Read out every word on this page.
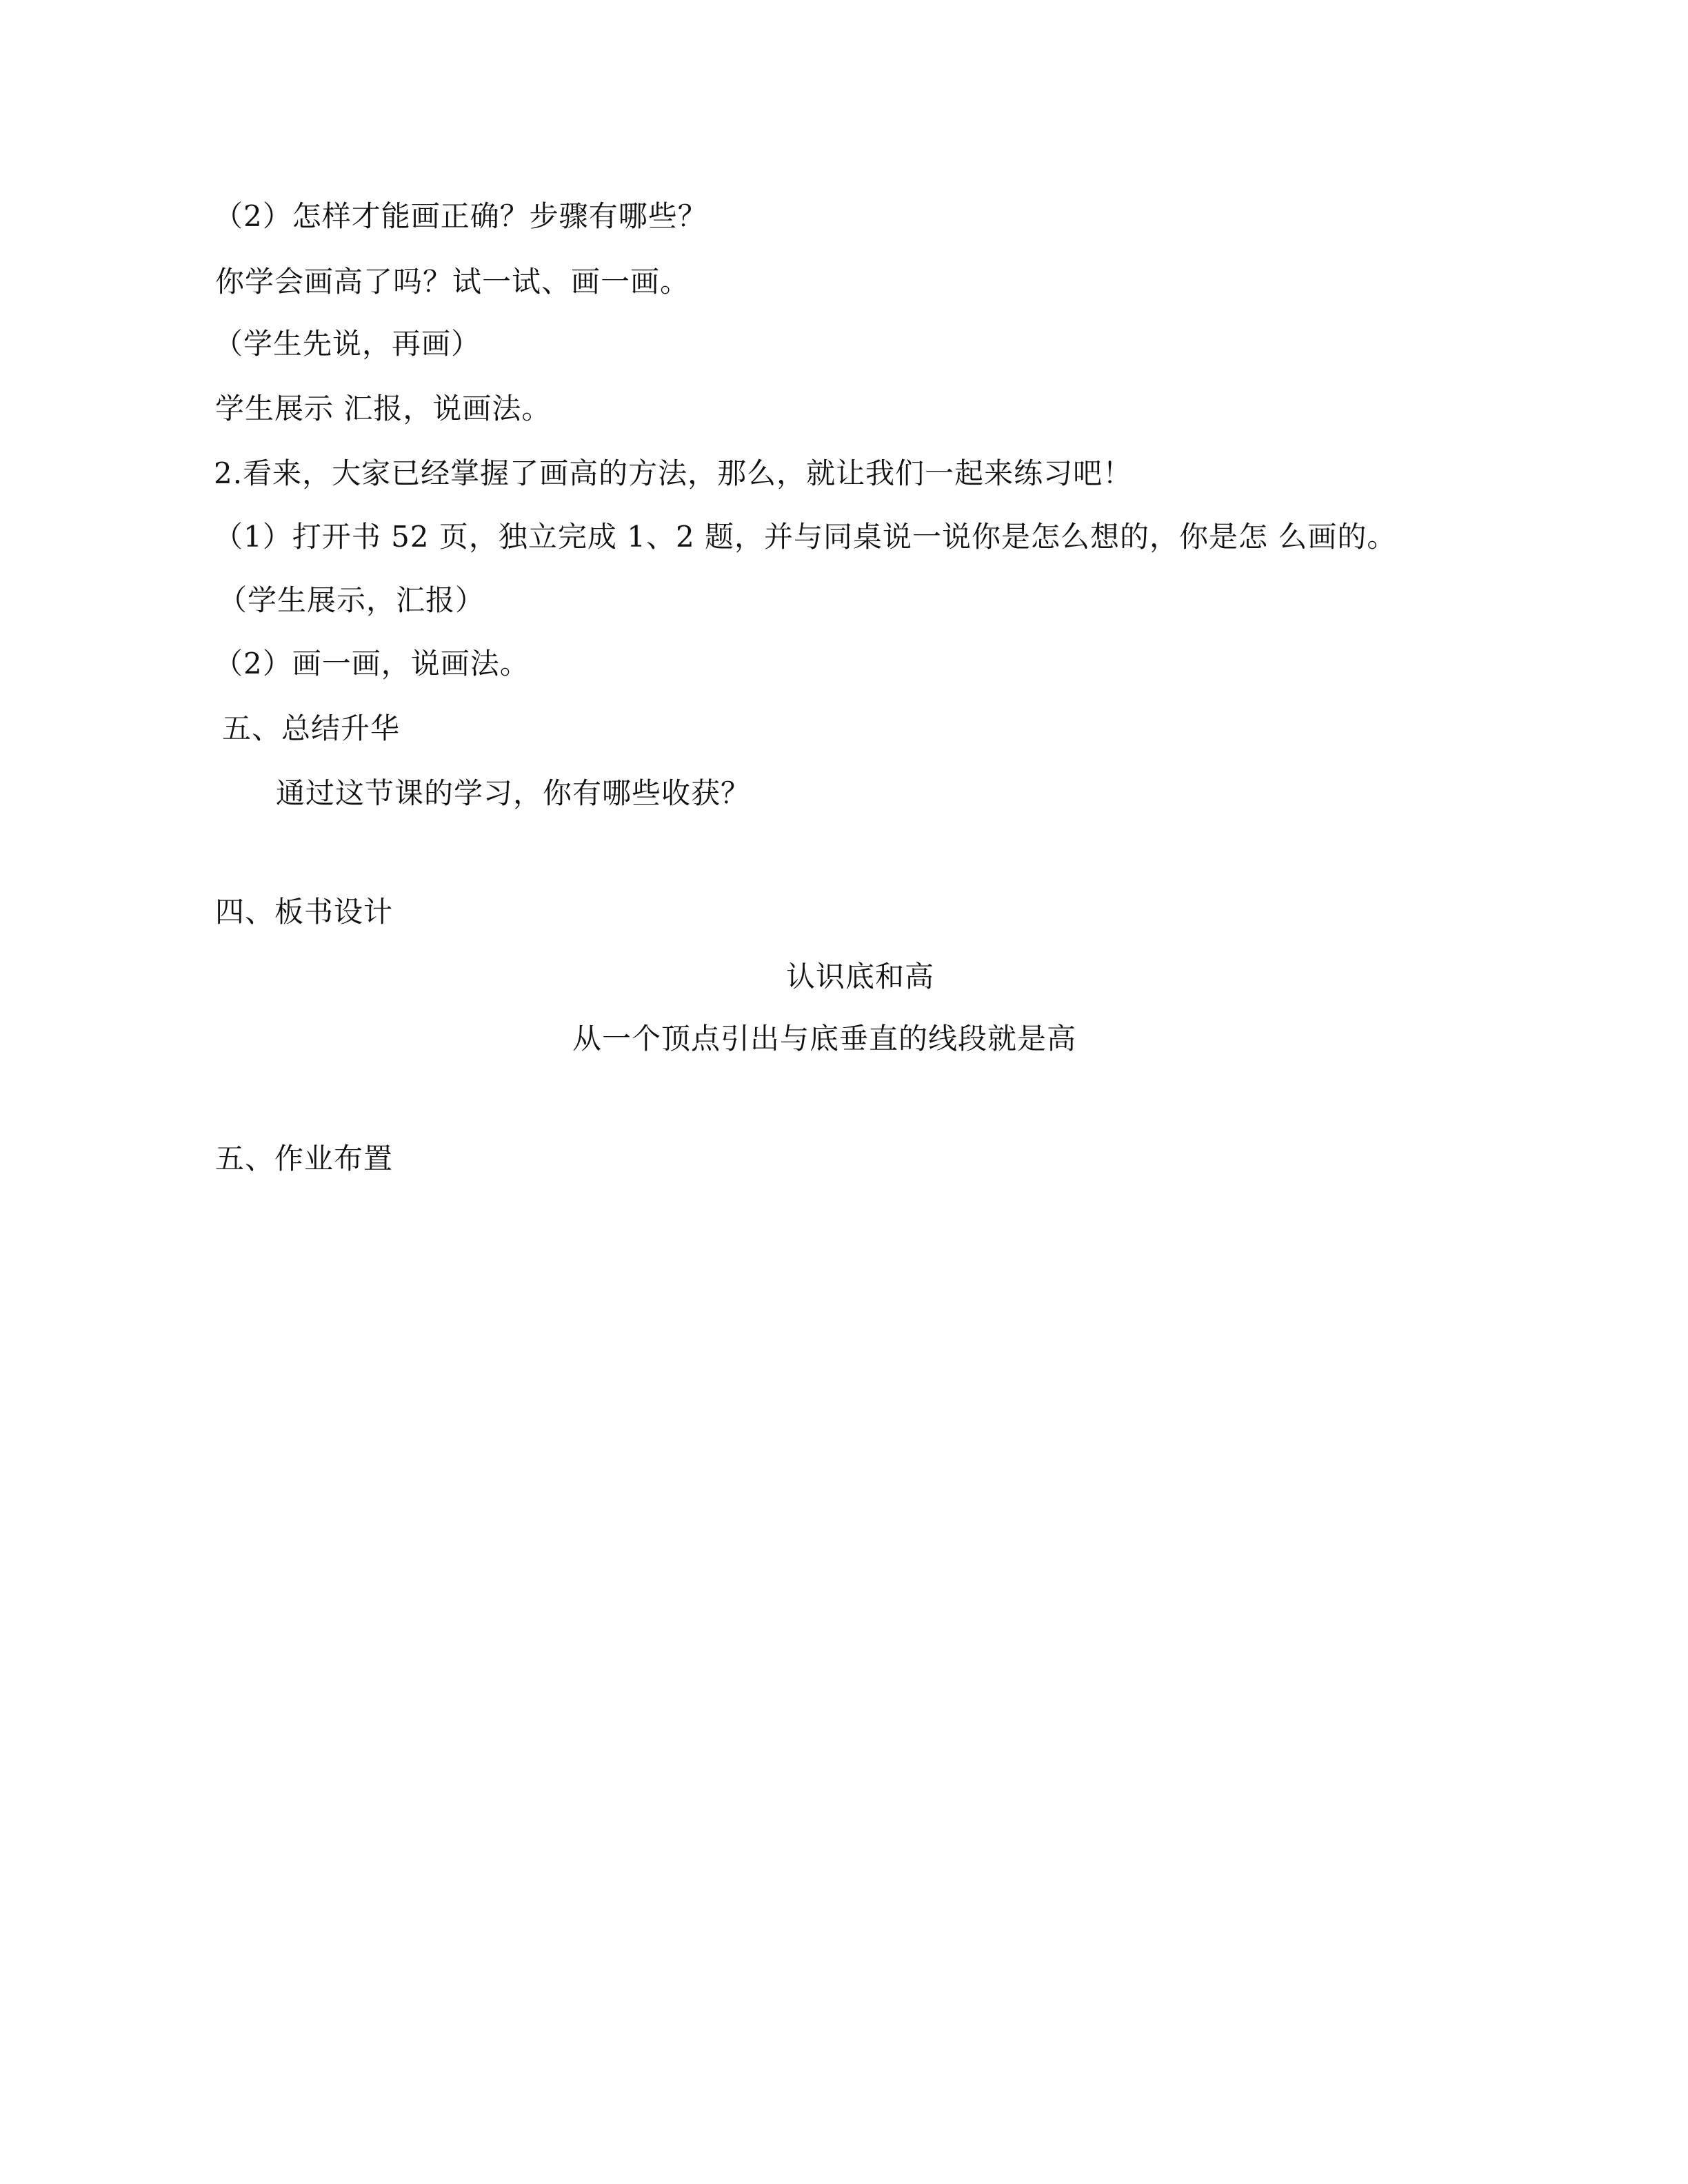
（2）怎样才能画正确？步骤有哪些？
你学会画高了吗？试一试、画一画。
（学生先说，再画）
学生展示 汇报，说画法。
2.看来，大家已经掌握了画高的方法，那么，就让我们一起来练习吧！
（1）打开书 52 页，独立完成 1、2 题，并与同桌说一说你是怎么想的，你是怎 么画的。
（学生展示，汇报）
（2）画一画，说画法。
五、总结升华
通过这节课的学习，你有哪些收获？
四、板书设计
认识底和高
从一个顶点引出与底垂直的线段就是高
五、作业布置
